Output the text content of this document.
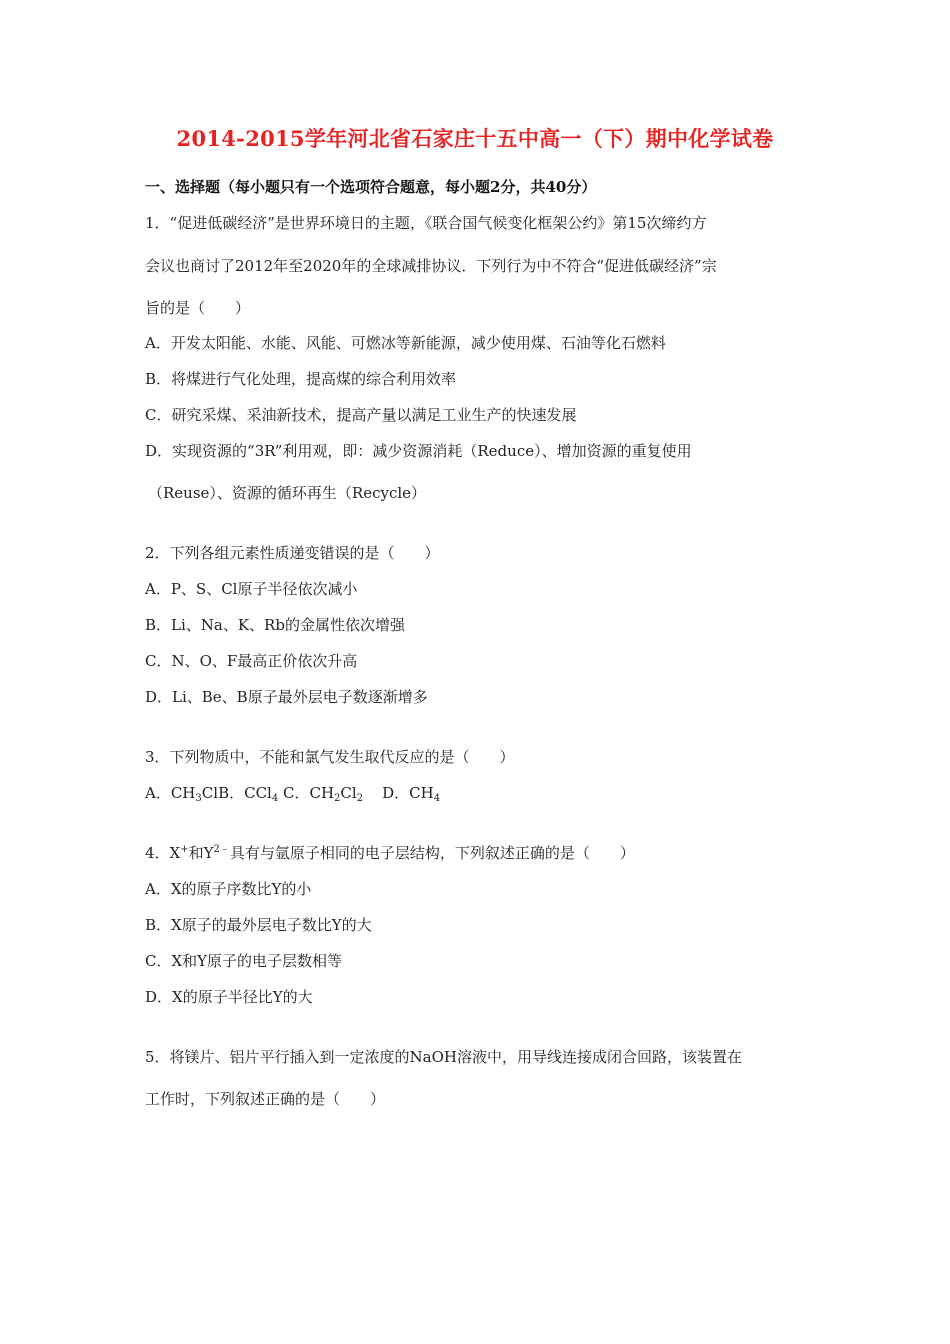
2014-2015学年河北省石家庄十五中高一（下）期中化学试卷
一、选择题（每小题只有一个选项符合题意，每小题2分，共40分）
1．“促进低碳经济”是世界环境日的主题，《联合国气候变化框架公约》第15次缔约方
会议也商讨了2012年至2020年的全球减排协议．下列行为中不符合“促进低碳经济”宗
旨的是（　　）
A．开发太阳能、水能、风能、可燃冰等新能源，减少使用煤、石油等化石燃料
B．将煤进行气化处理，提高煤的综合利用效率
C．研究采煤、采油新技术，提高产量以满足工业生产的快速发展
D．实现资源的“3R”利用观，即：减少资源消耗（Reduce）、增加资源的重复使用
（Reuse）、资源的循环再生（Recycle）
2．下列各组元素性质递变错误的是（　　）
A．P、S、Cl原子半径依次减小
B．Li、Na、K、Rb的金属性依次增强
C．N、O、F最高正价依次升高
D．Li、Be、B原子最外层电子数逐渐增多
3．下列物质中，不能和氯气发生取代反应的是（　　）
A．$CH_3ClB$．CCl$_4$ C．$CH_2Cl_2$ D．$CH_4$
4．X+和$Y^{2﹣}$具有与氩原子相同的电子层结构，下列叙述正确的是（　　）
A．X的原子序数比Y的小
B．X原子的最外层电子数比Y的大
C．X和Y原子的电子层数相等
D．X的原子半径比Y的大
5．将镁片、铝片平行插入到一定浓度的NaOH溶液中，用导线连接成闭合回路，该装置在
工作时，下列叙述正确的是（　　）
